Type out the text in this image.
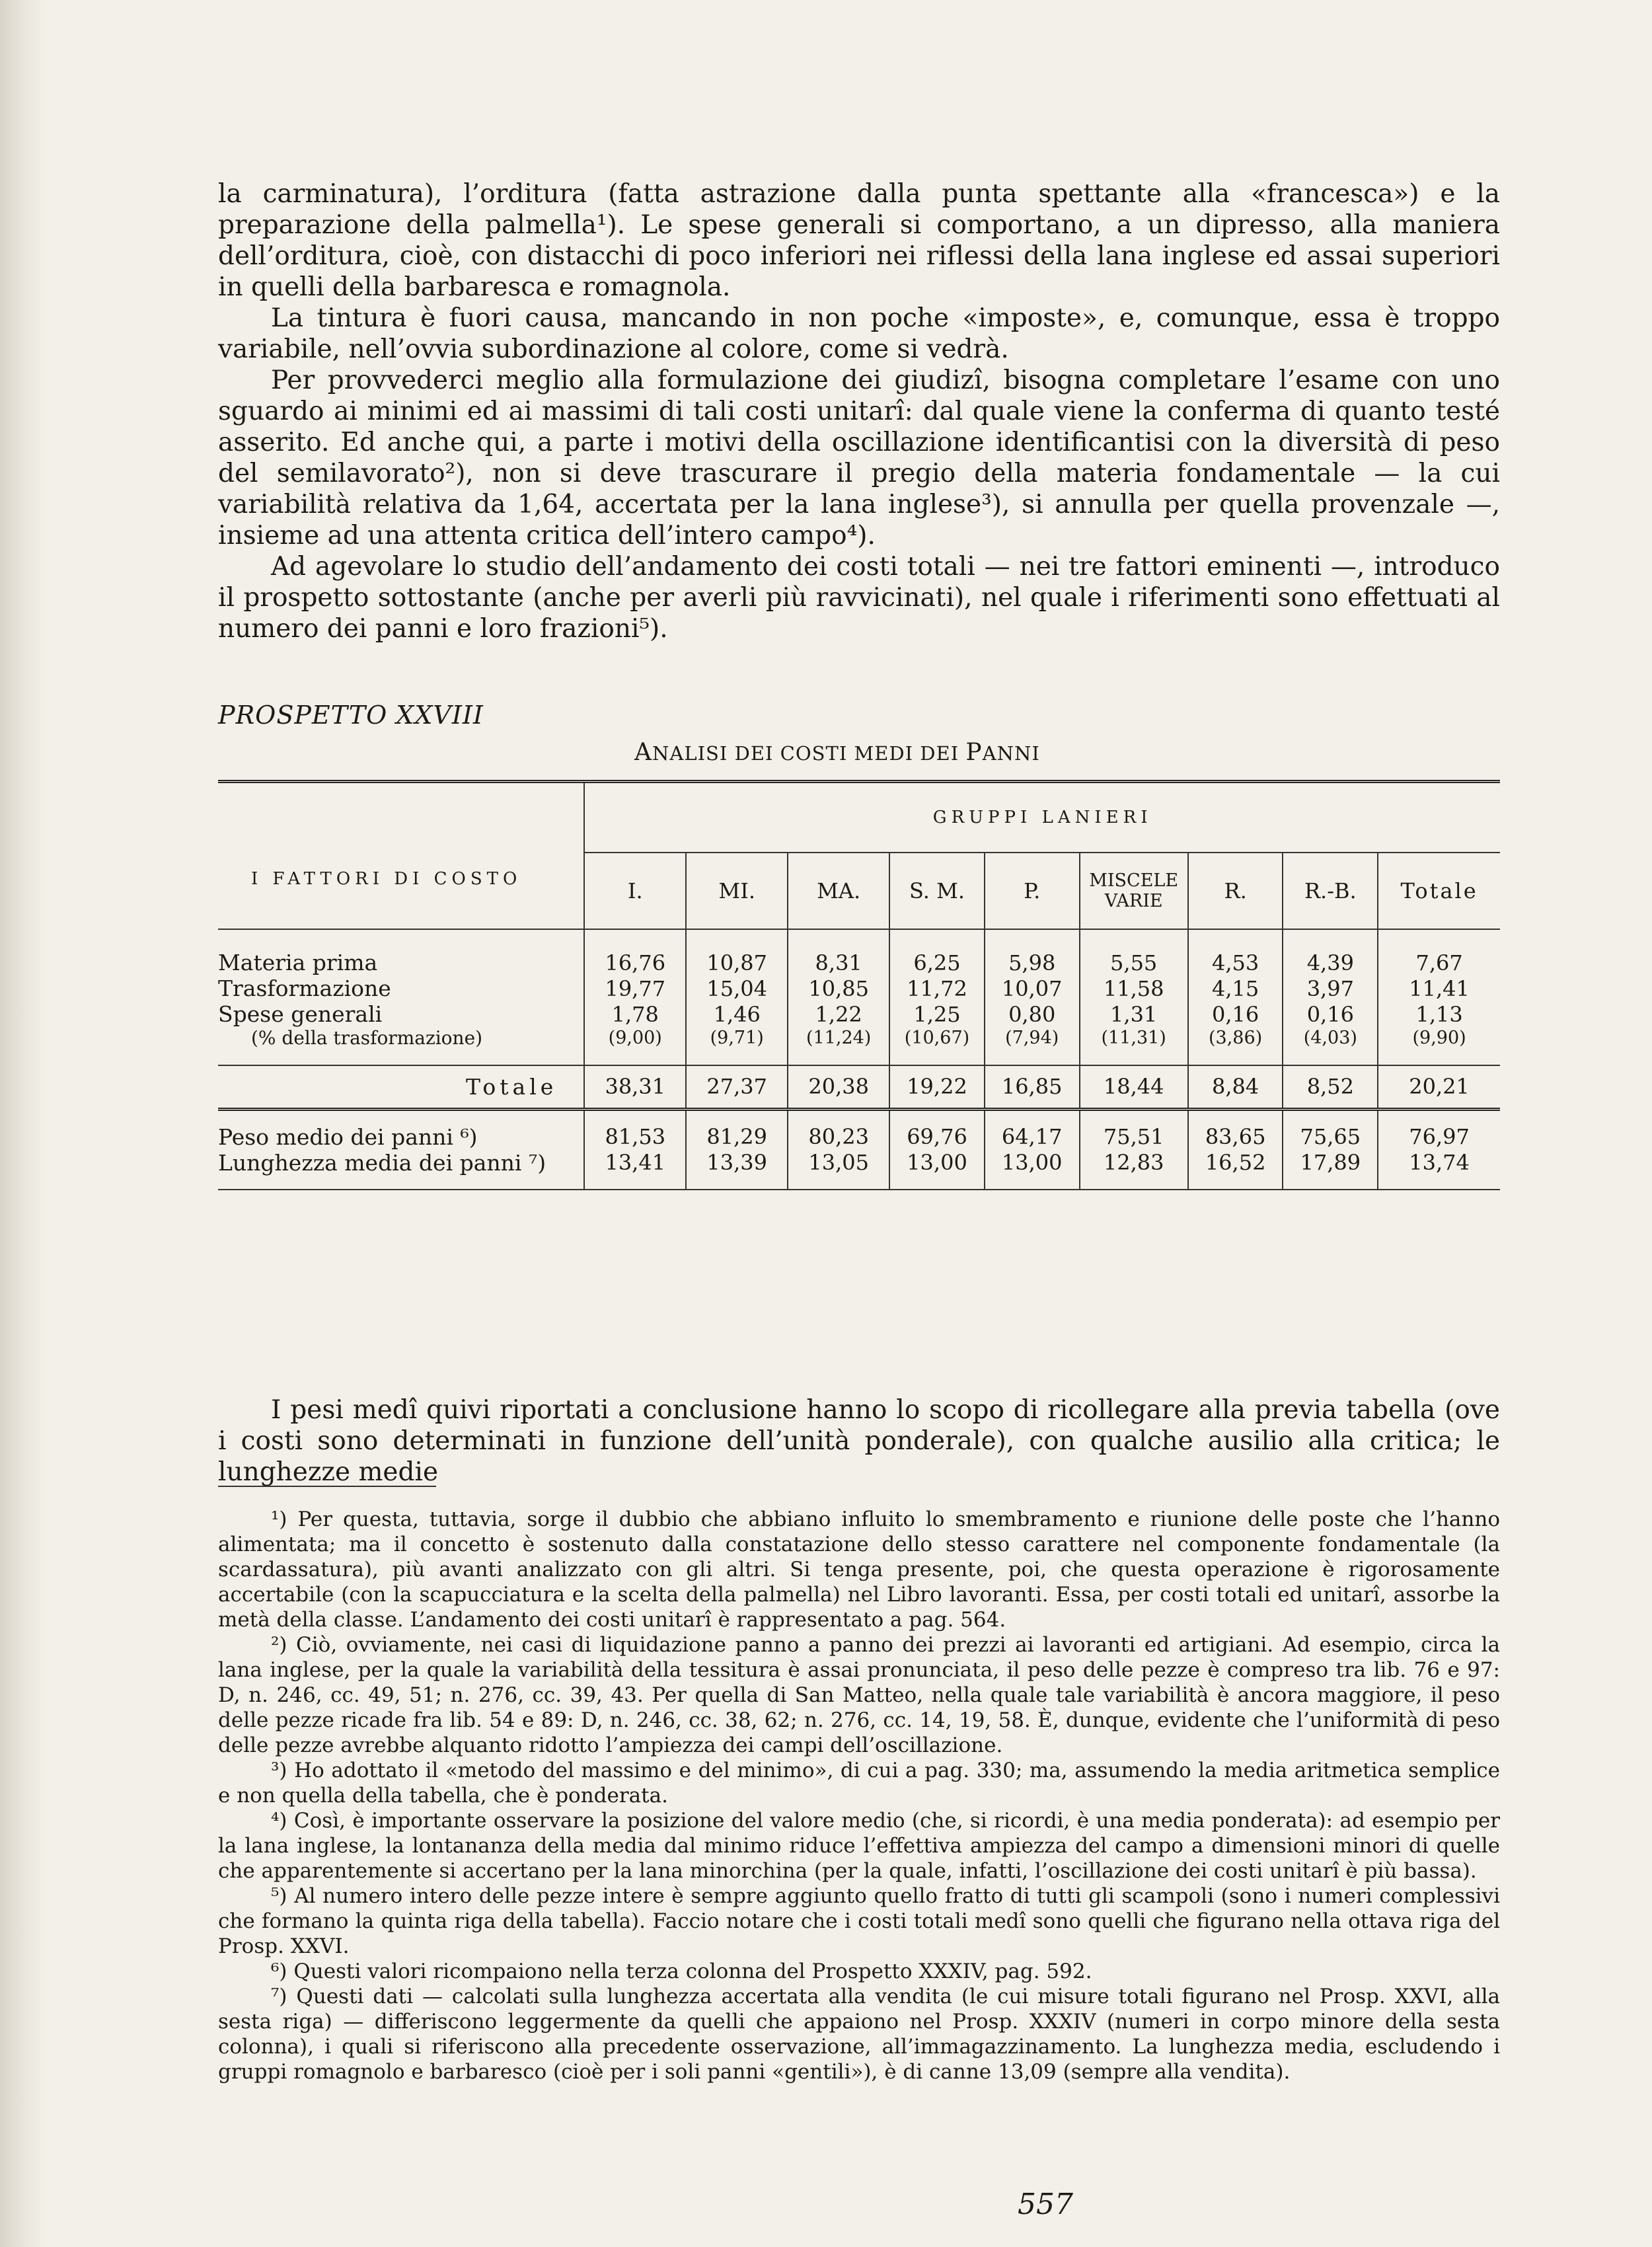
la carminatura), l’orditura (fatta astrazione dalla punta spettante alla «francesca») e la preparazione della palmella¹). Le spese generali si comportano, a un dipresso, alla maniera dell’orditura, cioè, con distacchi di poco inferiori nei riflessi della lana inglese ed assai superiori in quelli della barbaresca e romagnola.

La tintura è fuori causa, mancando in non poche «imposte», e, comunque, essa è troppo variabile, nell’ovvia subordinazione al colore, come si vedrà.

Per provvederci meglio alla formulazione dei giudizî, bisogna completare l’esame con uno sguardo ai minimi ed ai massimi di tali costi unitarî: dal quale viene la conferma di quanto testé asserito. Ed anche qui, a parte i motivi della oscillazione identificantisi con la diversità di peso del semilavorato²), non si deve trascurare il pregio della materia fondamentale — la cui variabilità relativa da 1,64, accertata per la lana inglese³), si annulla per quella provenzale —, insieme ad una attenta critica dell’intero campo⁴).

Ad agevolare lo studio dell’andamento dei costi totali — nei tre fattori eminenti —, introduco il prospetto sottostante (anche per averli più ravvicinati), nel quale i riferimenti sono effettuati al numero dei panni e loro frazioni⁵).

PROSPETTO XXVIII
ANALISI DEI COSTI MEDI DEI PANNI
I FATTORI DI COSTO	GRUPPI LANIERI								
	I.	MI.	MA.	S. M.	P.	MISCELE VARIE	R.	R.-B.	Totale

Materia prima	16,76	10,87	8,31	6,25	5,98	5,55	4,53	4,39	7,67
Trasformazione	19,77	15,04	10,85	11,72	10,07	11,58	4,15	3,97	11,41
Spese generali	1,78	1,46	1,22	1,25	0,80	1,31	0,16	0,16	1,13
(% della trasformazione)	(9,00)	(9,71)	(11,24)	(10,67)	(7,94)	(11,31)	(3,86)	(4,03)	(9,90)

Totale	38,31	27,37	20,38	19,22	16,85	18,44	8,84	8,52	20,21

Peso medio dei panni ⁶)	81,53	81,29	80,23	69,76	64,17	75,51	83,65	75,65	76,97
Lunghezza media dei panni ⁷)	13,41	13,39	13,05	13,00	13,00	12,83	16,52	17,89	13,74

I pesi medî quivi riportati a conclusione hanno lo scopo di ricollegare alla previa tabella (ove i costi sono determinati in funzione dell’unità ponderale), con qualche ausilio alla critica; le lunghezze medie

¹) Per questa, tuttavia, sorge il dubbio che abbiano influito lo smembramento e riunione delle poste che l’hanno alimentata; ma il concetto è sostenuto dalla constatazione dello stesso carattere nel componente fondamentale (la scardassatura), più avanti analizzato con gli altri. Si tenga presente, poi, che questa operazione è rigorosamente accertabile (con la scapucciatura e la scelta della palmella) nel Libro lavoranti. Essa, per costi totali ed unitarî, assorbe la metà della classe. L’andamento dei costi unitarî è rappresentato a pag. 564.

²) Ciò, ovviamente, nei casi di liquidazione panno a panno dei prezzi ai lavoranti ed artigiani. Ad esempio, circa la lana inglese, per la quale la variabilità della tessitura è assai pronunciata, il peso delle pezze è compreso tra lib. 76 e 97: D, n. 246, cc. 49, 51; n. 276, cc. 39, 43. Per quella di San Matteo, nella quale tale variabilità è ancora maggiore, il peso delle pezze ricade fra lib. 54 e 89: D, n. 246, cc. 38, 62; n. 276, cc. 14, 19, 58. È, dunque, evidente che l’uniformità di peso delle pezze avrebbe alquanto ridotto l’ampiezza dei campi dell’oscillazione.

³) Ho adottato il «metodo del massimo e del minimo», di cui a pag. 330; ma, assumendo la media aritmetica semplice e non quella della tabella, che è ponderata.

⁴) Così, è importante osservare la posizione del valore medio (che, si ricordi, è una media ponderata): ad esempio per la lana inglese, la lontananza della media dal minimo riduce l’effettiva ampiezza del campo a dimensioni minori di quelle che apparentemente si accertano per la lana minorchina (per la quale, infatti, l’oscillazione dei costi unitarî è più bassa).

⁵) Al numero intero delle pezze intere è sempre aggiunto quello fratto di tutti gli scampoli (sono i numeri complessivi che formano la quinta riga della tabella). Faccio notare che i costi totali medî sono quelli che figurano nella ottava riga del Prosp. XXVI.

⁶) Questi valori ricompaiono nella terza colonna del Prospetto XXXIV, pag. 592.

⁷) Questi dati — calcolati sulla lunghezza accertata alla vendita (le cui misure totali figurano nel Prosp. XXVI, alla sesta riga) — differiscono leggermente da quelli che appaiono nel Prosp. XXXIV (numeri in corpo minore della sesta colonna), i quali si riferiscono alla precedente osservazione, all’immagazzinamento. La lunghezza media, escludendo i gruppi romagnolo e barbaresco (cioè per i soli panni «gentili»), è di canne 13,09 (sempre alla vendita).

557
